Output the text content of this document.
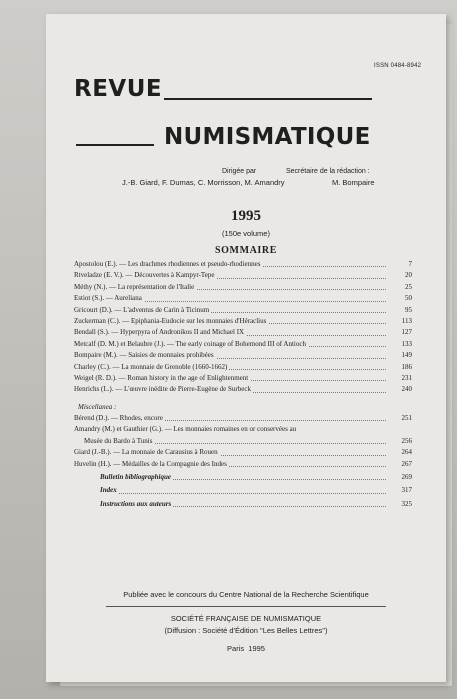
ISSN 0484-8942
REVUE
NUMISMATIQUE
Dirigée par
J.-B. Giard, F. Dumas, C. Morrisson, M. Amandry
Secrétaire de la rédaction :
M. Bompaire
1995
(150e volume)
SOMMAIRE
Apostolou (E.). — Les drachmes rhodiennes et pseudo-rhodiennes	7
Rtveladze (E. V.). — Découvertes à Kampyr-Tepe	20
Méthy (N.). — La représentation de l'Italie	25
Estiot (S.). — Aureliana	50
Gricourt (D.). — L'adventus de Carin à Ticinum	95
Zuckerman (C.). — Epiphania-Eudocie sur les monnaies d'Héraclius	113
Bendall (S.). — Hyperpyra of Andronikos II and Michael IX	127
Metcalf (D. M.) et Belaubre (J.). — The early coinage of Bohemond III of Antioch	133
Bompaire (M.). — Saisies de monnaies prohibées	149
Charley (C.). — La monnaie de Grenoble (1660-1662)	186
Weigel (R. D.). — Roman history in the age of Enlightenment	231
Henrichs (L.). — L'œuvre inédite de Pierre-Eugène de Surbeck	240
Miscellanea :
Bérend (D.). — Rhodes, encore	251
Amandry (M.) et Gauthier (G.). — Les monnaies romaines en or conservées au
Musée du Bardo à Tunis	256
Giard (J.-B.). — La monnaie de Carausius à Rouen	264
Huvelin (H.). — Médailles de la Compagnie des Indes	267
Bulletin bibliographique	269
Index	317
Instructions aux auteurs	325
Publiée avec le concours du Centre National de la Recherche Scientifique
SOCIÉTÉ FRANÇAISE DE NUMISMATIQUE
(Diffusion : Société d'Édition "Les Belles Lettres")
Paris 1995
